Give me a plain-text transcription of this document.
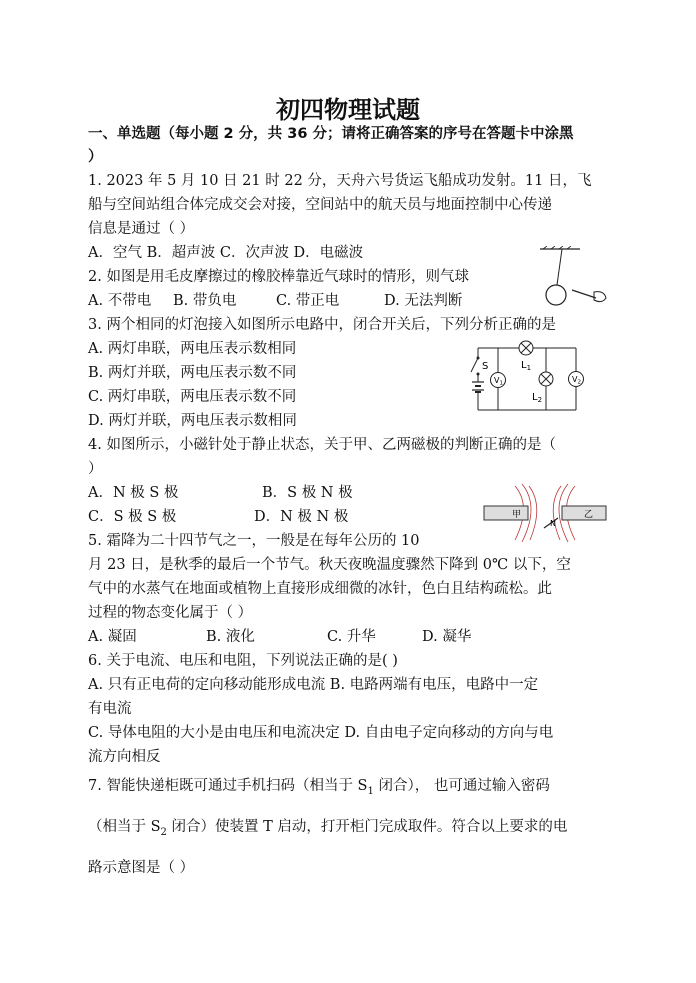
初四物理试题
一、单选题（每小题 2 分，共 36 分；请将正确答案的序号在答题卡中涂黑
）
1. 2023 年 5 月 10 日 21 时 22 分，天舟六号货运飞船成功发射。11 日，飞
船与空间站组合体完成交会对接，空间站中的航天员与地面控制中心传递
信息是通过（ ）
A．空气 B．超声波 C．次声波 D．电磁波
2. 如图是用毛皮摩擦过的橡胶棒靠近气球时的情形，则气球
A. 不带电 B. 带负电	C. 带正电	D. 无法判断
3. 两个相同的灯泡接入如图所示电路中，闭合开关后，下列分析正确的是
A. 两灯串联，两电压表示数相同
B. 两灯并联，两电压表示数不同
C. 两灯串联，两电压表示数不同
D. 两灯并联，两电压表示数相同
S	$L_1$
V1
$L_2$
V2
4. 如图所示，小磁针处于静止状态，关于甲、乙两磁极的判断正确的是（
）
A．N 极 S 极	B．S 极 N 极
C．S 极 S 极	D．N 极 N 极	甲	乙
N
5. 霜降为二十四节气之一，一般是在每年公历的 10
月 23 日，是秋季的最后一个节气。秋天夜晚温度骤然下降到 0℃ 以下，空
气中的水蒸气在地面或植物上直接形成细微的冰针，色白且结构疏松。此
过程的物态变化属于（ ）
A. 凝固	B. 液化	C. 升华	D. 凝华
6. 关于电流、电压和电阻，下列说法正确的是( )
A. 只有正电荷的定向移动能形成电流 B. 电路两端有电压，电路中一定
有电流
C. 导体电阻的大小是由电压和电流决定 D. 自由电子定向移动的方向与电
流方向相反
7. 智能快递柜既可通过手机扫码（相当于 $S_1$ 闭合）， 也可通过输入密码
（相当于 $S_2$ 闭合）使装置 T 启动，打开柜门完成取件。符合以上要求的电
路示意图是（ ）
